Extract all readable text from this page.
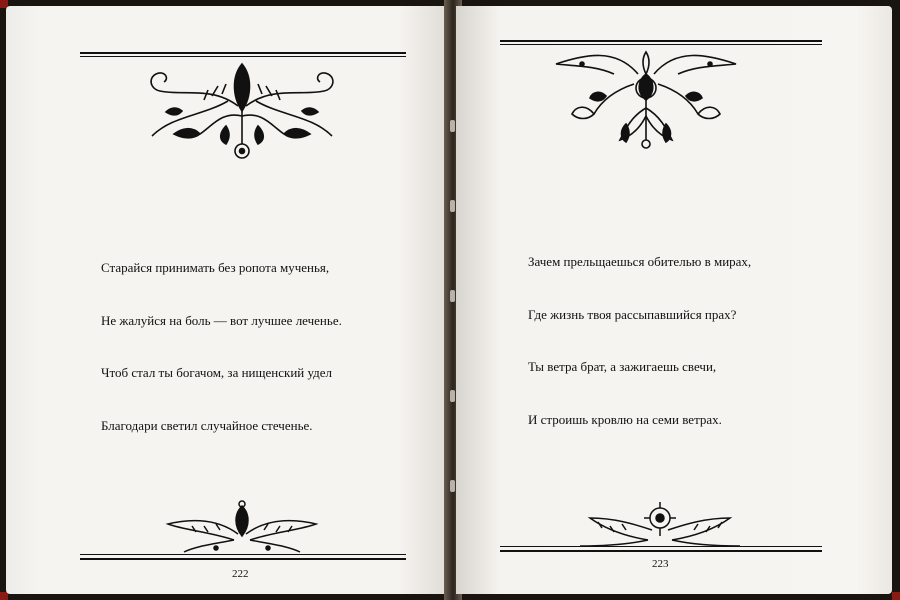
Старайся принимать без ропота мученья,

Не жалуйся на боль — вот лучшее леченье.

Чтоб стал ты богачом, за нищенский удел

Благодари светил случайное стеченье.

222

Зачем прельщаешься обителью в мирах,

Где жизнь твоя рассыпавшийся прах?

Ты ветра брат, а зажигаешь свечи,

И строишь кровлю на семи ветрах.

223
